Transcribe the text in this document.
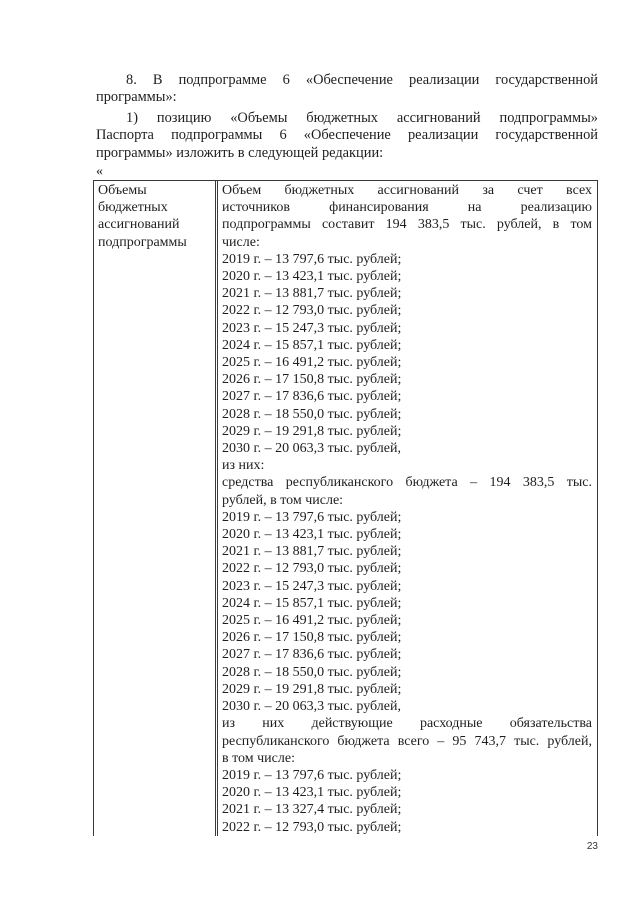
8. В подпрограмме 6 «Обеспечение реализации государственной
программы»:
1) позицию «Объемы бюджетных ассигнований подпрограммы»
Паспорта подпрограммы 6 «Обеспечение реализации государственной
программы» изложить в следующей редакции:
«
Объемы
бюджетных
ассигнований
подпрограммы
Объем бюджетных ассигнований за счет всех
источников финансирования на реализацию
подпрограммы составит 194 383,5 тыс. рублей, в том
числе:
2019 г. – 13 797,6 тыс. рублей;
2020 г. – 13 423,1 тыс. рублей;
2021 г. – 13 881,7 тыс. рублей;
2022 г. – 12 793,0 тыс. рублей;
2023 г. – 15 247,3 тыс. рублей;
2024 г. – 15 857,1 тыс. рублей;
2025 г. – 16 491,2 тыс. рублей;
2026 г. – 17 150,8 тыс. рублей;
2027 г. – 17 836,6 тыс. рублей;
2028 г. – 18 550,0 тыс. рублей;
2029 г. – 19 291,8 тыс. рублей;
2030 г. – 20 063,3 тыс. рублей,
из них:
средства республиканского бюджета – 194 383,5 тыс.
рублей, в том числе:
2019 г. – 13 797,6 тыс. рублей;
2020 г. – 13 423,1 тыс. рублей;
2021 г. – 13 881,7 тыс. рублей;
2022 г. – 12 793,0 тыс. рублей;
2023 г. – 15 247,3 тыс. рублей;
2024 г. – 15 857,1 тыс. рублей;
2025 г. – 16 491,2 тыс. рублей;
2026 г. – 17 150,8 тыс. рублей;
2027 г. – 17 836,6 тыс. рублей;
2028 г. – 18 550,0 тыс. рублей;
2029 г. – 19 291,8 тыс. рублей;
2030 г. – 20 063,3 тыс. рублей,
из них действующие расходные обязательства
республиканского бюджета всего – 95 743,7 тыс. рублей,
в том числе:
2019 г. – 13 797,6 тыс. рублей;
2020 г. – 13 423,1 тыс. рублей;
2021 г. – 13 327,4 тыс. рублей;
2022 г. – 12 793,0 тыс. рублей;
23
